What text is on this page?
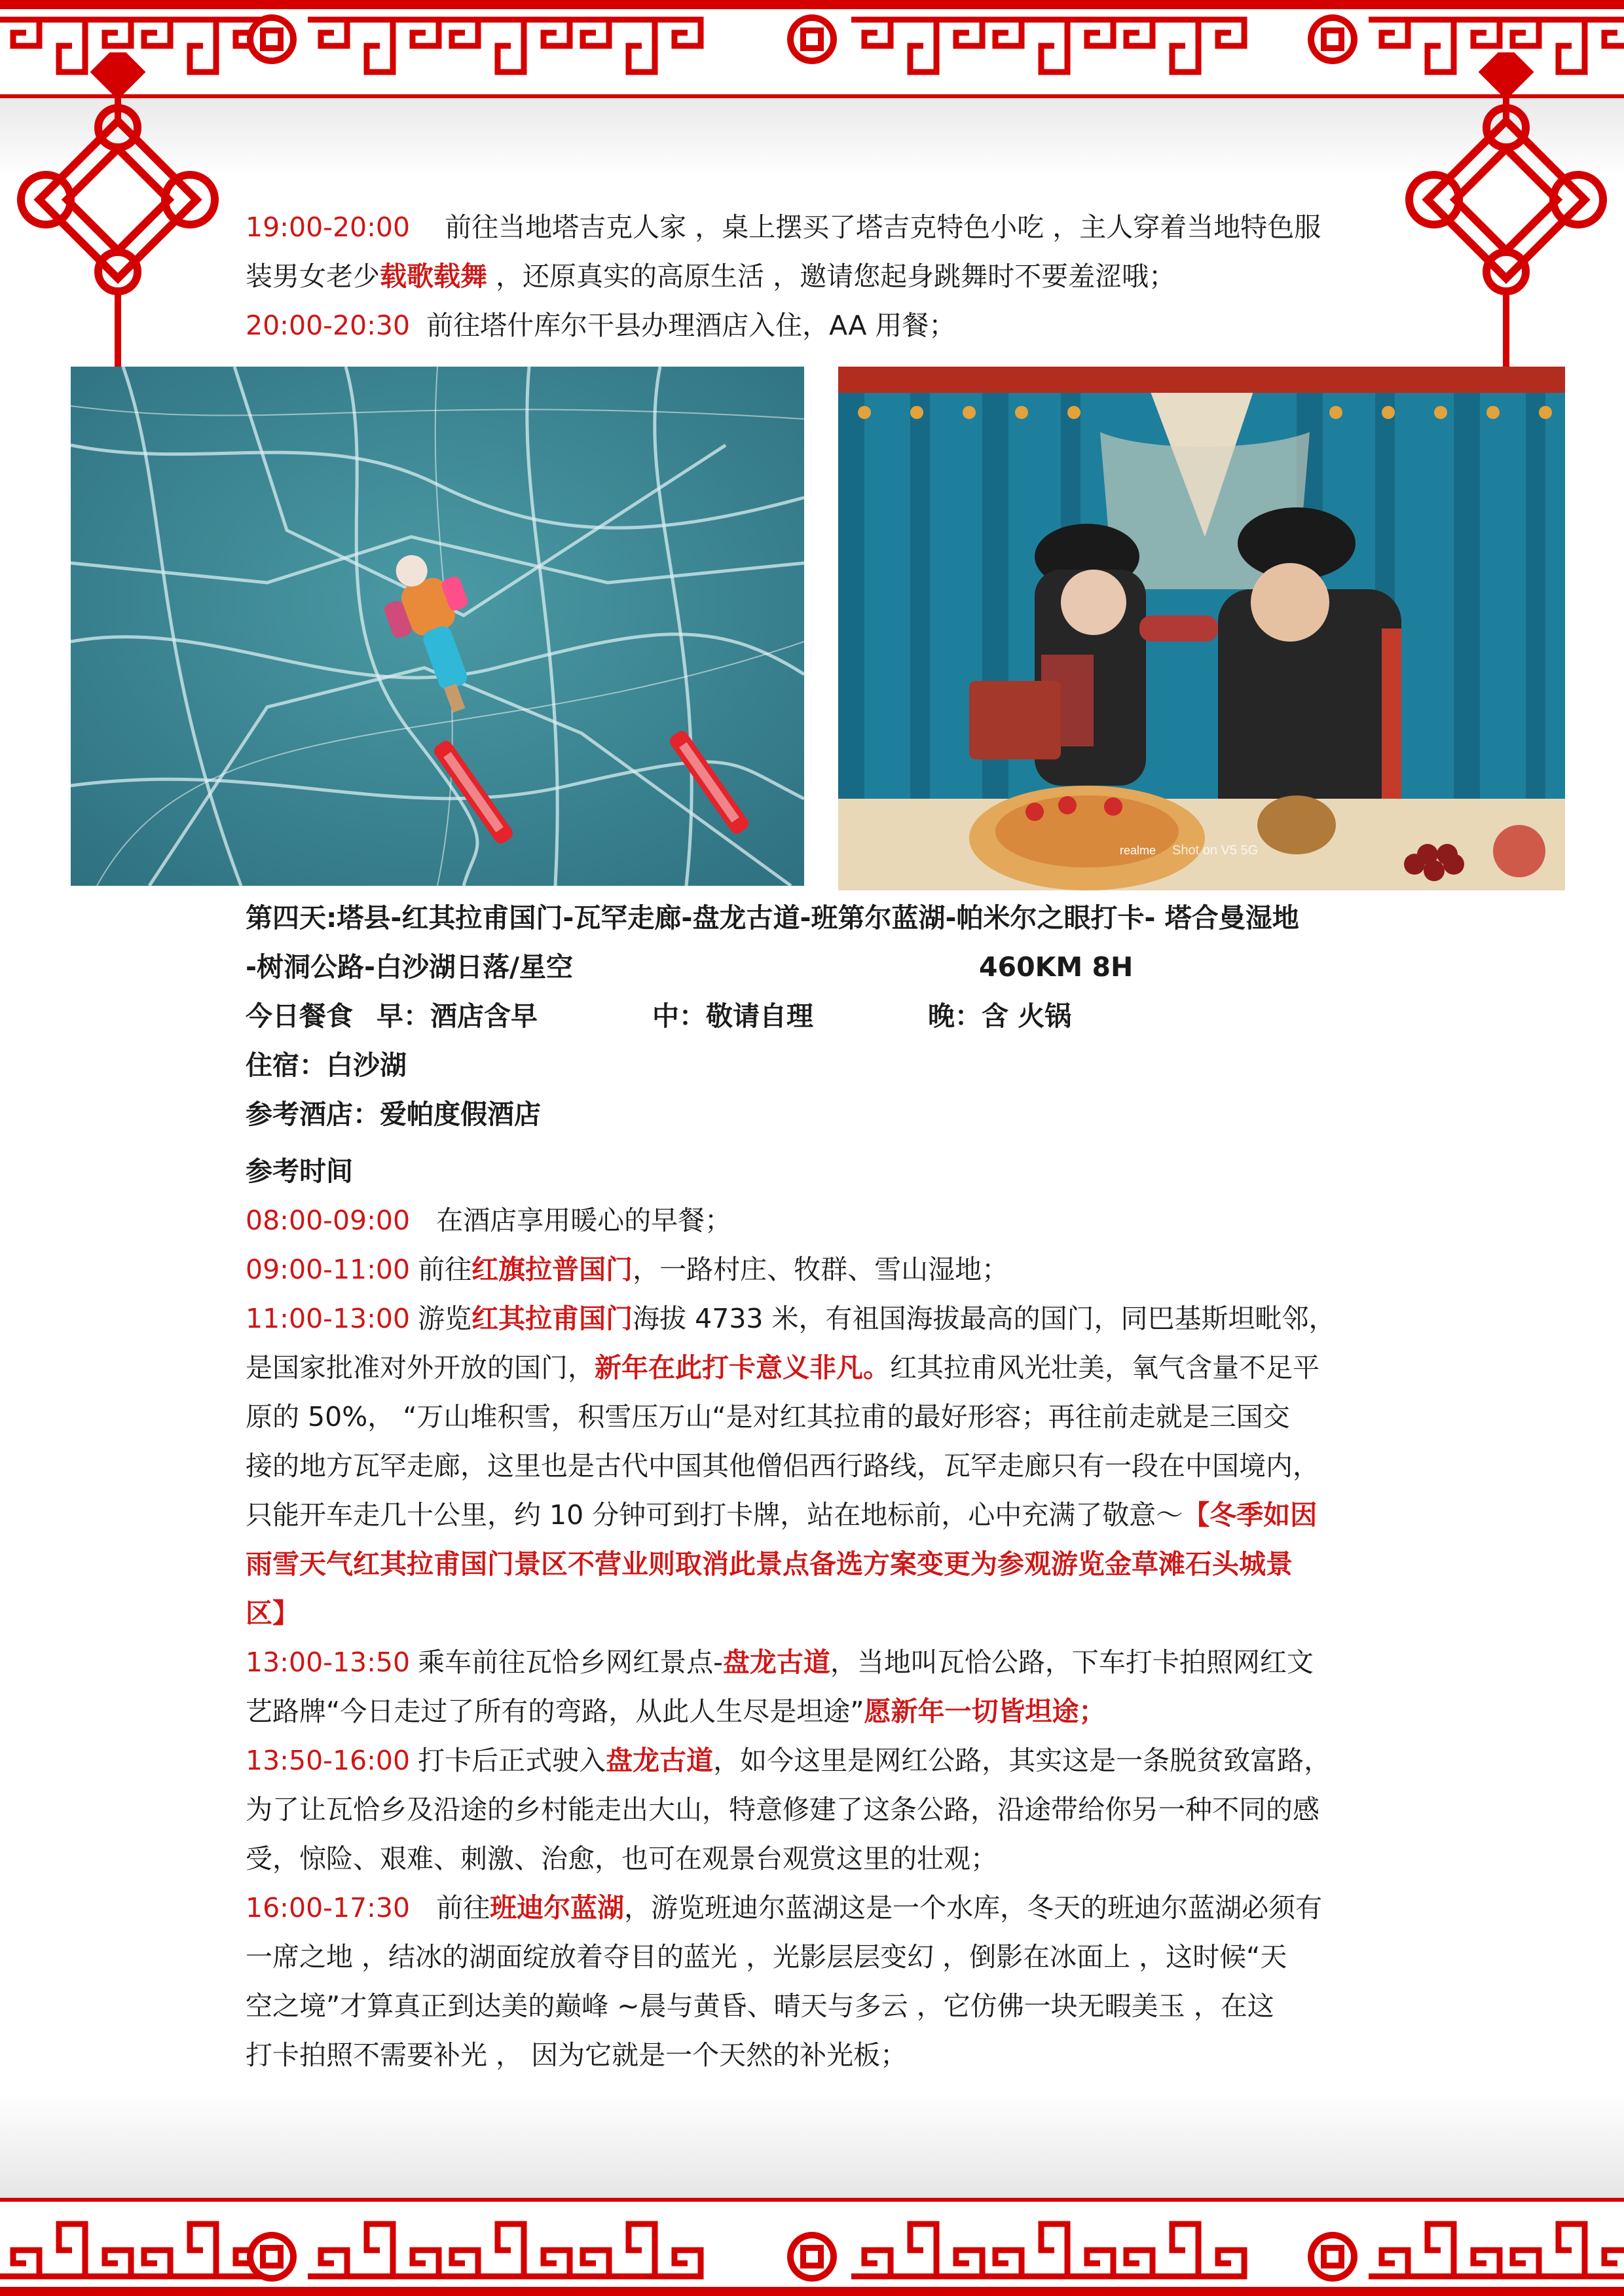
19:00-20:00 前往当地塔吉克人家 ，桌上摆买了塔吉克特色小吃 ，主人穿着当地特色服

装男女老少载歌载舞 ，还原真实的高原生活 ，邀请您起身跳舞时不要羞涩哦；

20:00-20:30 前往塔什库尔干县办理酒店入住，AA 用餐；

realme Shot on V5 5G

第四天:塔县-红其拉甫国门-瓦罕走廊-盘龙古道-班第尔蓝湖-帕米尔之眼打卡- 塔合曼湿地

-树洞公路-白沙湖日落/星空	460KM 8H

今日餐食 早：酒店含早	中：敬请自理	晚：含 火锅

住宿：白沙湖

参考酒店：爱帕度假酒店

参考时间

08:00-09:00 在酒店享用暖心的早餐；

09:00-11:00 前往红旗拉普国门，一路村庄、牧群、雪山湿地；

11:00-13:00 游览红其拉甫国门海拔 4733 米，有祖国海拔最高的国门，同巴基斯坦毗邻，

是国家批准对外开放的国门，新年在此打卡意义非凡。红其拉甫风光壮美，氧气含量不足平

原的 50%， “万山堆积雪，积雪压万山“是对红其拉甫的最好形容；再往前走就是三国交

接的地方瓦罕走廊，这里也是古代中国其他僧侣西行路线，瓦罕走廊只有一段在中国境内，

只能开车走几十公里，约 10 分钟可到打卡牌，站在地标前，心中充满了敬意～【冬季如因

雨雪天气红其拉甫国门景区不营业则取消此景点备选方案变更为参观游览金草滩石头城景

区】

13:00-13:50 乘车前往瓦恰乡网红景点-盘龙古道，当地叫瓦恰公路，下车打卡拍照网红文

艺路牌“今日走过了所有的弯路，从此人生尽是坦途”愿新年一切皆坦途；

13:50-16:00 打卡后正式驶入盘龙古道，如今这里是网红公路，其实这是一条脱贫致富路，

为了让瓦恰乡及沿途的乡村能走出大山，特意修建了这条公路，沿途带给你另一种不同的感

受，惊险、艰难、刺激、治愈，也可在观景台观赏这里的壮观；

16:00-17:30 前往班迪尔蓝湖，游览班迪尔蓝湖这是一个水库，冬天的班迪尔蓝湖必须有

一席之地 ，结冰的湖面绽放着夺目的蓝光 ，光影层层变幻 ，倒影在冰面上 ，这时候“天

空之境”才算真正到达美的巅峰 ~晨与黄昏、晴天与多云 ，它仿佛一块无暇美玉 ，在这

打卡拍照不需要补光 ， 因为它就是一个天然的补光板；
